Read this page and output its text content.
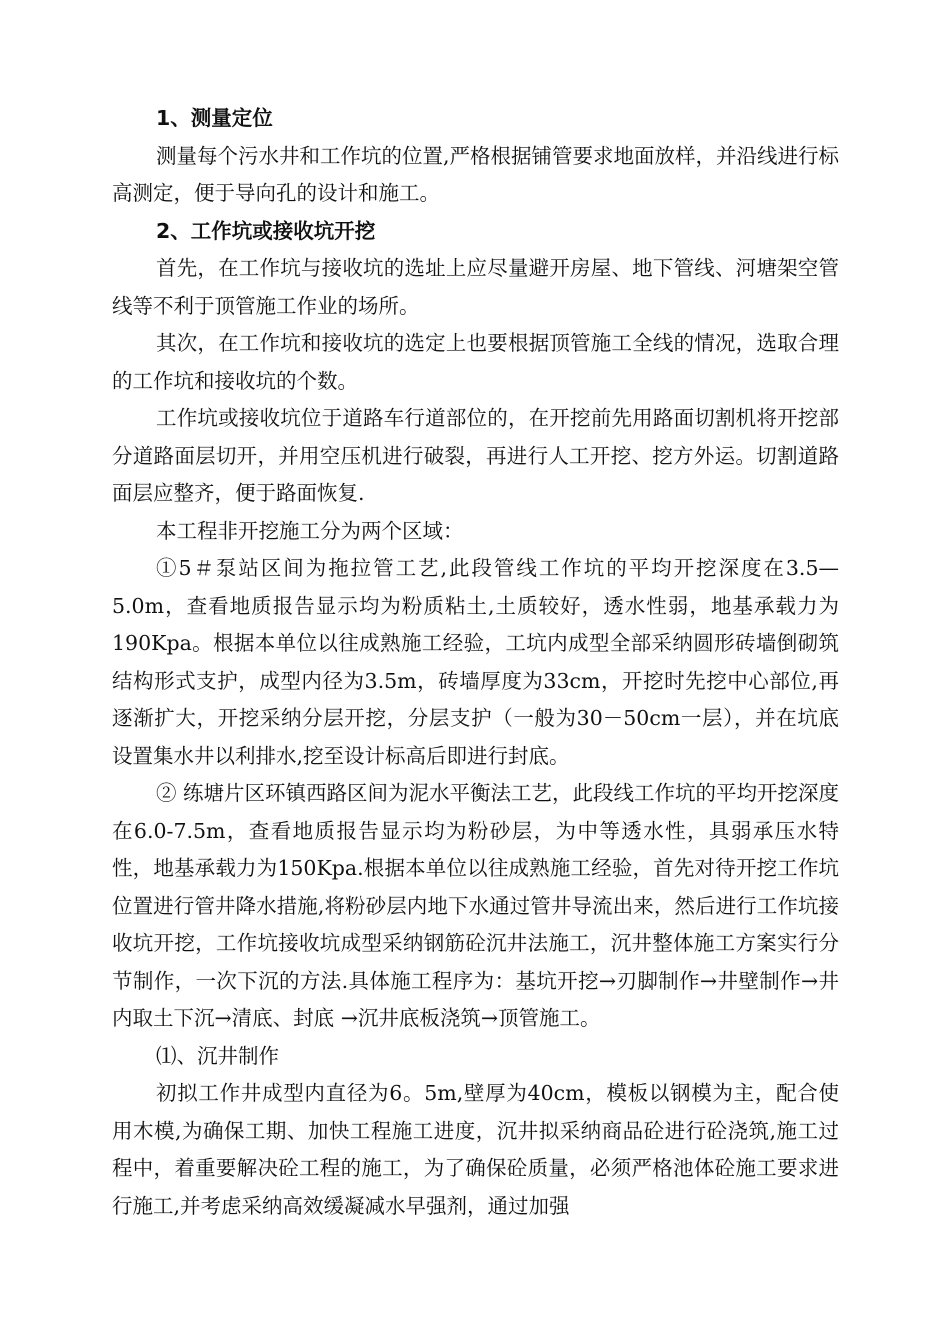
1、测量定位

测量每个污水井和工作坑的位置,严格根据铺管要求地面放样，并沿线进行标高测定，便于导向孔的设计和施工。

2、工作坑或接收坑开挖

首先，在工作坑与接收坑的选址上应尽量避开房屋、地下管线、河塘架空管线等不利于顶管施工作业的场所。

其次，在工作坑和接收坑的选定上也要根据顶管施工全线的情况，选取合理的工作坑和接收坑的个数。

工作坑或接收坑位于道路车行道部位的，在开挖前先用路面切割机将开挖部分道路面层切开，并用空压机进行破裂，再进行人工开挖、挖方外运。切割道路面层应整齐，便于路面恢复.

本工程非开挖施工分为两个区域：

①5＃泵站区间为拖拉管工艺,此段管线工作坑的平均开挖深度在3.5—5.0m，查看地质报告显示均为粉质粘土,土质较好，透水性弱，地基承载力为190Kpa。根据本单位以往成熟施工经验，工坑内成型全部采纳圆形砖墙倒砌筑结构形式支护，成型内径为3.5m，砖墙厚度为33cm，开挖时先挖中心部位,再逐渐扩大，开挖采纳分层开挖，分层支护（一般为30－50cm一层），并在坑底设置集水井以利排水,挖至设计标高后即进行封底。

② 练塘片区环镇西路区间为泥水平衡法工艺，此段线工作坑的平均开挖深度在6.0-7.5m，查看地质报告显示均为粉砂层，为中等透水性，具弱承压水特性，地基承载力为150Kpa.根据本单位以往成熟施工经验，首先对待开挖工作坑位置进行管井降水措施,将粉砂层内地下水通过管井导流出来，然后进行工作坑接收坑开挖，工作坑接收坑成型采纳钢筋砼沉井法施工，沉井整体施工方案实行分节制作，一次下沉的方法.具体施工程序为：基坑开挖→刃脚制作→井壁制作→井内取土下沉→清底、封底 →沉井底板浇筑→顶管施工。

⑴、沉井制作

初拟工作井成型内直径为6。5m,壁厚为40cm，模板以钢模为主，配合使用木模,为确保工期、加快工程施工进度，沉井拟采纳商品砼进行砼浇筑,施工过程中，着重要解决砼工程的施工，为了确保砼质量，必须严格池体砼施工要求进行施工,并考虑采纳高效缓凝减水早强剂，通过加强
